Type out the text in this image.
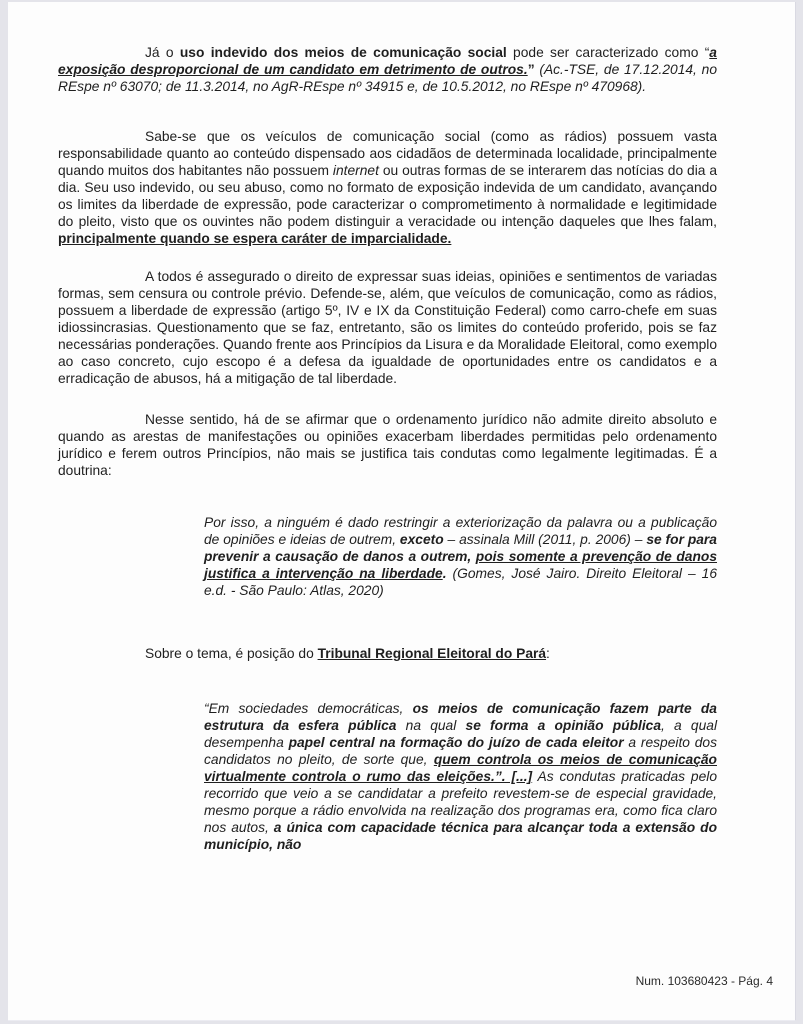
Já o uso indevido dos meios de comunicação social pode ser caracterizado como “a exposição desproporcional de um candidato em detrimento de outros.” (Ac.-TSE, de 17.12.2014, no REspe nº 63070; de 11.3.2014, no AgR-REspe nº 34915 e, de 10.5.2012, no REspe nº 470968).

Sabe-se que os veículos de comunicação social (como as rádios) possuem vasta responsabilidade quanto ao conteúdo dispensado aos cidadãos de determinada localidade, principalmente quando muitos dos habitantes não possuem internet ou outras formas de se interarem das notícias do dia a dia. Seu uso indevido, ou seu abuso, como no formato de exposição indevida de um candidato, avançando os limites da liberdade de expressão, pode caracterizar o comprometimento à normalidade e legitimidade do pleito, visto que os ouvintes não podem distinguir a veracidade ou intenção daqueles que lhes falam, principalmente quando se espera caráter de imparcialidade.

A todos é assegurado o direito de expressar suas ideias, opiniões e sentimentos de variadas formas, sem censura ou controle prévio. Defende-se, além, que veículos de comunicação, como as rádios, possuem a liberdade de expressão (artigo 5º, IV e IX da Constituição Federal) como carro-chefe em suas idiossincrasias. Questionamento que se faz, entretanto, são os limites do conteúdo proferido, pois se faz necessárias ponderações. Quando frente aos Princípios da Lisura e da Moralidade Eleitoral, como exemplo ao caso concreto, cujo escopo é a defesa da igualdade de oportunidades entre os candidatos e a erradicação de abusos, há a mitigação de tal liberdade.

Nesse sentido, há de se afirmar que o ordenamento jurídico não admite direito absoluto e quando as arestas de manifestações ou opiniões exacerbam liberdades permitidas pelo ordenamento jurídico e ferem outros Princípios, não mais se justifica tais condutas como legalmente legitimadas. É a doutrina:

Por isso, a ninguém é dado restringir a exteriorização da palavra ou a publicação de opiniões e ideias de outrem, exceto – assinala Mill (2011, p. 2006) – se for para prevenir a causação de danos a outrem, pois somente a prevenção de danos justifica a intervenção na liberdade. (Gomes, José Jairo. Direito Eleitoral – 16 e.d. - São Paulo: Atlas, 2020)

Sobre o tema, é posição do Tribunal Regional Eleitoral do Pará:

“Em sociedades democráticas, os meios de comunicação fazem parte da estrutura da esfera pública na qual se forma a opinião pública, a qual desempenha papel central na formação do juízo de cada eleitor a respeito dos candidatos no pleito, de sorte que, quem controla os meios de comunicação virtualmente controla o rumo das eleições.”. [...] As condutas praticadas pelo recorrido que veio a se candidatar a prefeito revestem-se de especial gravidade, mesmo porque a rádio envolvida na realização dos programas era, como fica claro nos autos, a única com capacidade técnica para alcançar toda a extensão do município, não
Num. 103680423 - Pág. 4
